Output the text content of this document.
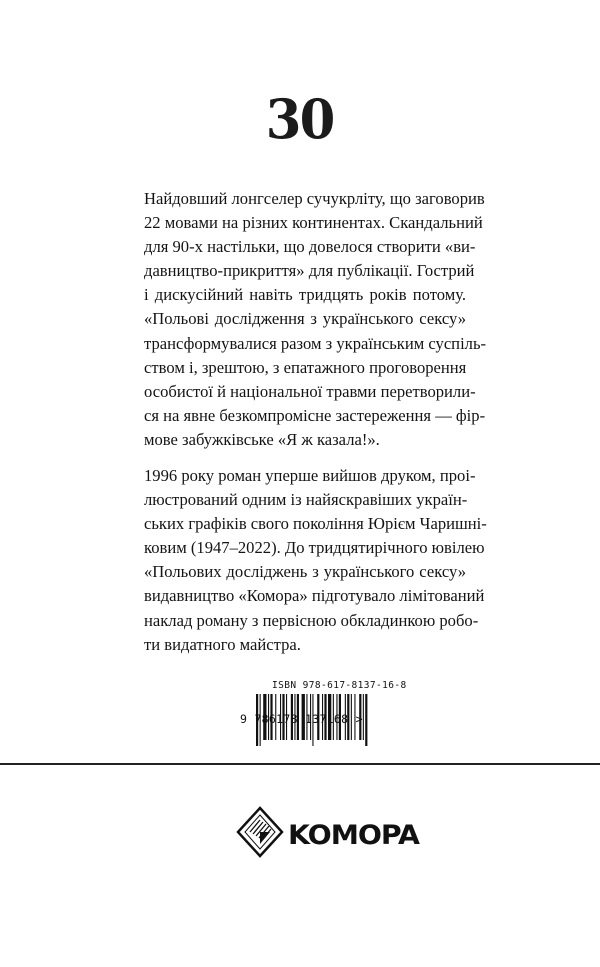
30
Найдовший лонгселер сучукрліту, що заговорив
22 мовами на різних континентах. Скандальний
для 90-х настільки, що довелося створити «ви-
давництво-прикриття» для публікації. Гострий
і дискусійний навіть тридцять років потому.
«Польові дослідження з українського сексу»
трансформувалися разом з українським суспіль-
ством і, зрештою, з епатажного проговорення
особистої й національної травми перетворили-
ся на явне безкомпромісне застереження — фір-
мове забужківське «Я ж казала!».
1996 року роман уперше вийшов друком, проі-
люстрований одним із найяскравіших україн-
ських графіків свого покоління Юрієм Чаришні-
ковим (1947–2022). До тридцятирічного ювілею
«Польових досліджень з українського сексу»
видавництво «Комора» підготувало лімітований
наклад роману з первісною обкладинкою робо-
ти видатного майстра.
ISBN 978-617-8137-16-8
9 786178 137168 >
KOMOPA
